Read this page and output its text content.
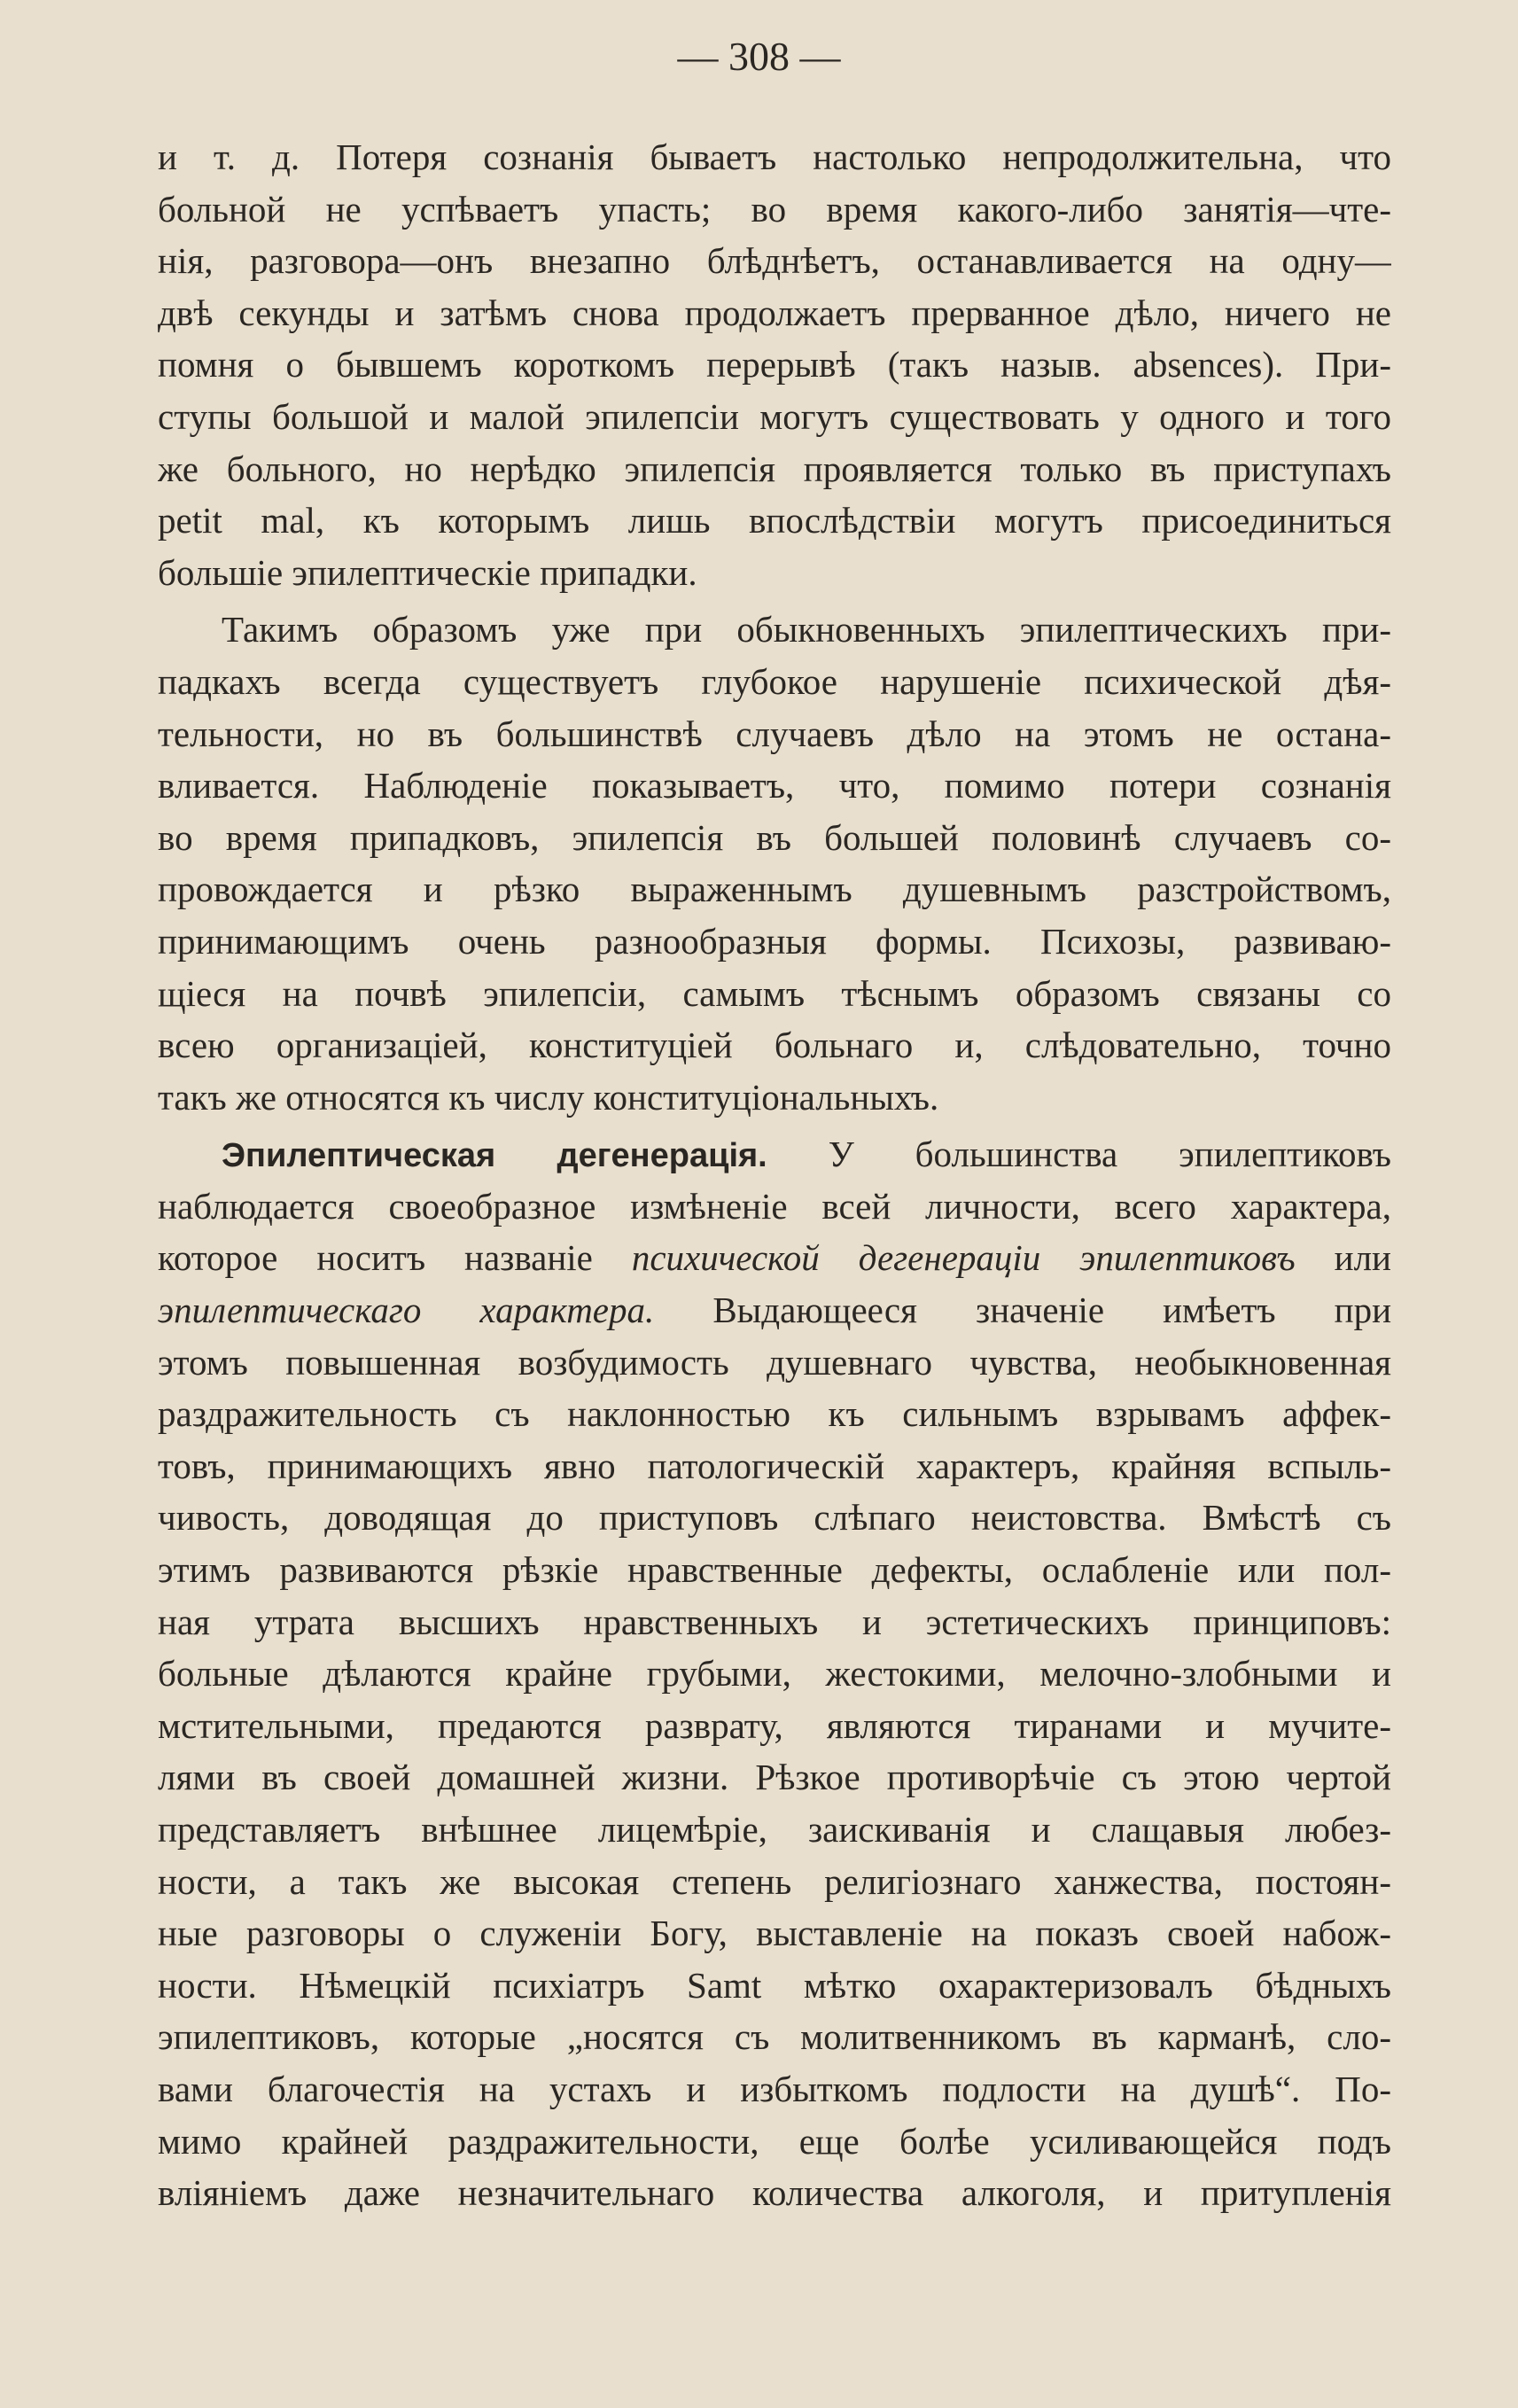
— 308 —
и т. д. Потеря сознанія бываетъ настолько непродолжительна, что
больной не успѣваетъ упасть; во время какого-либо занятія—чте-
нія, разговора—онъ внезапно блѣднѣетъ, останавливается на одну—
двѣ секунды и затѣмъ снова продолжаетъ прерванное дѣло, ничего не
помня о бывшемъ короткомъ перерывѣ (такъ назыв. absences). При-
ступы большой и малой эпилепсіи могутъ существовать у одного и того
же больного, но нерѣдко эпилепсія проявляется только въ приступахъ
petit mal, къ которымъ лишь впослѣдствіи могутъ присоединиться
большіе эпилептическіе припадки.
Такимъ образомъ уже при обыкновенныхъ эпилептическихъ при-
падкахъ всегда существуетъ глубокое нарушеніе психической дѣя-
тельности, но въ большинствѣ случаевъ дѣло на этомъ не остана-
вливается. Наблюденіе показываетъ, что, помимо потери сознанія
во время припадковъ, эпилепсія въ большей половинѣ случаевъ со-
провождается и рѣзко выраженнымъ душевнымъ разстройствомъ,
принимающимъ очень разнообразныя формы. Психозы, развиваю-
щіеся на почвѣ эпилепсіи, самымъ тѣснымъ образомъ связаны со
всею организаціей, конституціей больнаго и, слѣдовательно, точно
такъ же относятся къ числу конституціональныхъ.
Эпилептическая дегенерація. У большинства эпилептиковъ
наблюдается своеобразное измѣненіе всей личности, всего характера,
которое носитъ названіе психической дегенераціи эпилептиковъ или
эпилептическаго характера. Выдающееся значеніе имѣетъ при
этомъ повышенная возбудимость душевнаго чувства, необыкновенная
раздражительность съ наклонностью къ сильнымъ взрывамъ аффек-
товъ, принимающихъ явно патологическій характеръ, крайняя вспыль-
чивость, доводящая до приступовъ слѣпаго неистовства. Вмѣстѣ съ
этимъ развиваются рѣзкіе нравственные дефекты, ослабленіе или пол-
ная утрата высшихъ нравственныхъ и эстетическихъ принциповъ:
больные дѣлаются крайне грубыми, жестокими, мелочно-злобными и
мстительными, предаются разврату, являются тиранами и мучите-
лями въ своей домашней жизни. Рѣзкое противорѣчіе съ этою чертой
представляетъ внѣшнее лицемѣріе, заискиванія и слащавыя любез-
ности, а такъ же высокая степень религіознаго ханжества, постоян-
ные разговоры о служеніи Богу, выставленіе на показъ своей набож-
ности. Нѣмецкій психіатръ Samt мѣтко охарактеризовалъ бѣдныхъ
эпилептиковъ, которые „носятся съ молитвенникомъ въ карманѣ, сло-
вами благочестія на устахъ и избыткомъ подлости на душѣ“. По-
мимо крайней раздражительности, еще болѣе усиливающейся подъ
вліяніемъ даже незначительнаго количества алкоголя, и притупленія
